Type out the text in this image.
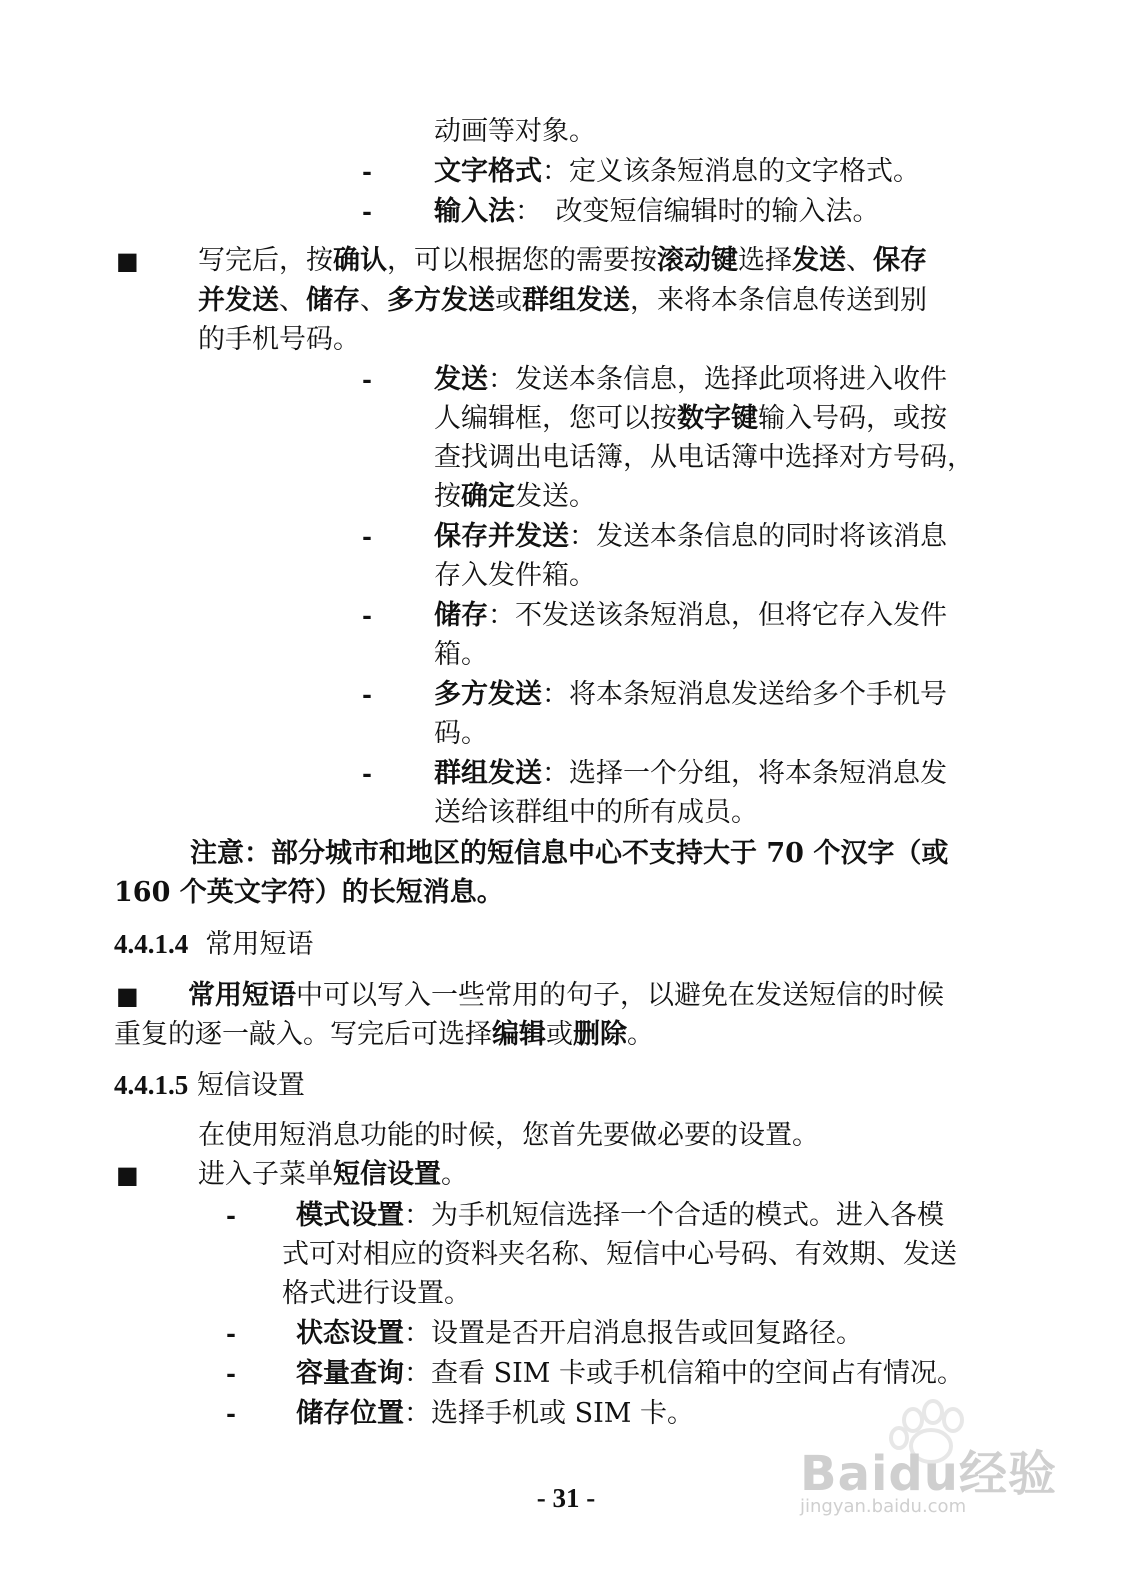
动画等对象。
- 文字格式：定义该条短消息的文字格式。
- 输入法：　改变短信编辑时的输入法。
■ 写完后，按确认，可以根据您的需要按滚动键选择发送、保存
并发送、储存、多方发送或群组发送，来将本条信息传送到别
的手机号码。
- 发送：发送本条信息，选择此项将进入收件
人编辑框，您可以按数字键输入号码，或按
查找调出电话簿，从电话簿中选择对方号码，
按确定发送。
- 保存并发送：发送本条信息的同时将该消息
存入发件箱。
- 储存：不发送该条短消息，但将它存入发件
箱。
- 多方发送：将本条短消息发送给多个手机号
码。
- 群组发送：选择一个分组，将本条短消息发
送给该群组中的所有成员。
注意：部分城市和地区的短信息中心不支持大于 70 个汉字（或
160 个英文字符）的长短消息。
4.4.1.4 常用短语
■ 常用短语中可以写入一些常用的句子，以避免在发送短信的时候
重复的逐一敲入。写完后可选择编辑或删除。
4.4.1.5 短信设置
在使用短消息功能的时候，您首先要做必要的设置。
■ 进入子菜单短信设置。
- 模式设置：为手机短信选择一个合适的模式。进入各模
式可对相应的资料夹名称、短信中心号码、有效期、发送
格式进行设置。
- 状态设置：设置是否开启消息报告或回复路径。
- 容量查询：查看 SIM 卡或手机信箱中的空间占有情况。
- 储存位置：选择手机或 SIM 卡。
Baidu经验
jingyan.baidu.com
- 31 -
